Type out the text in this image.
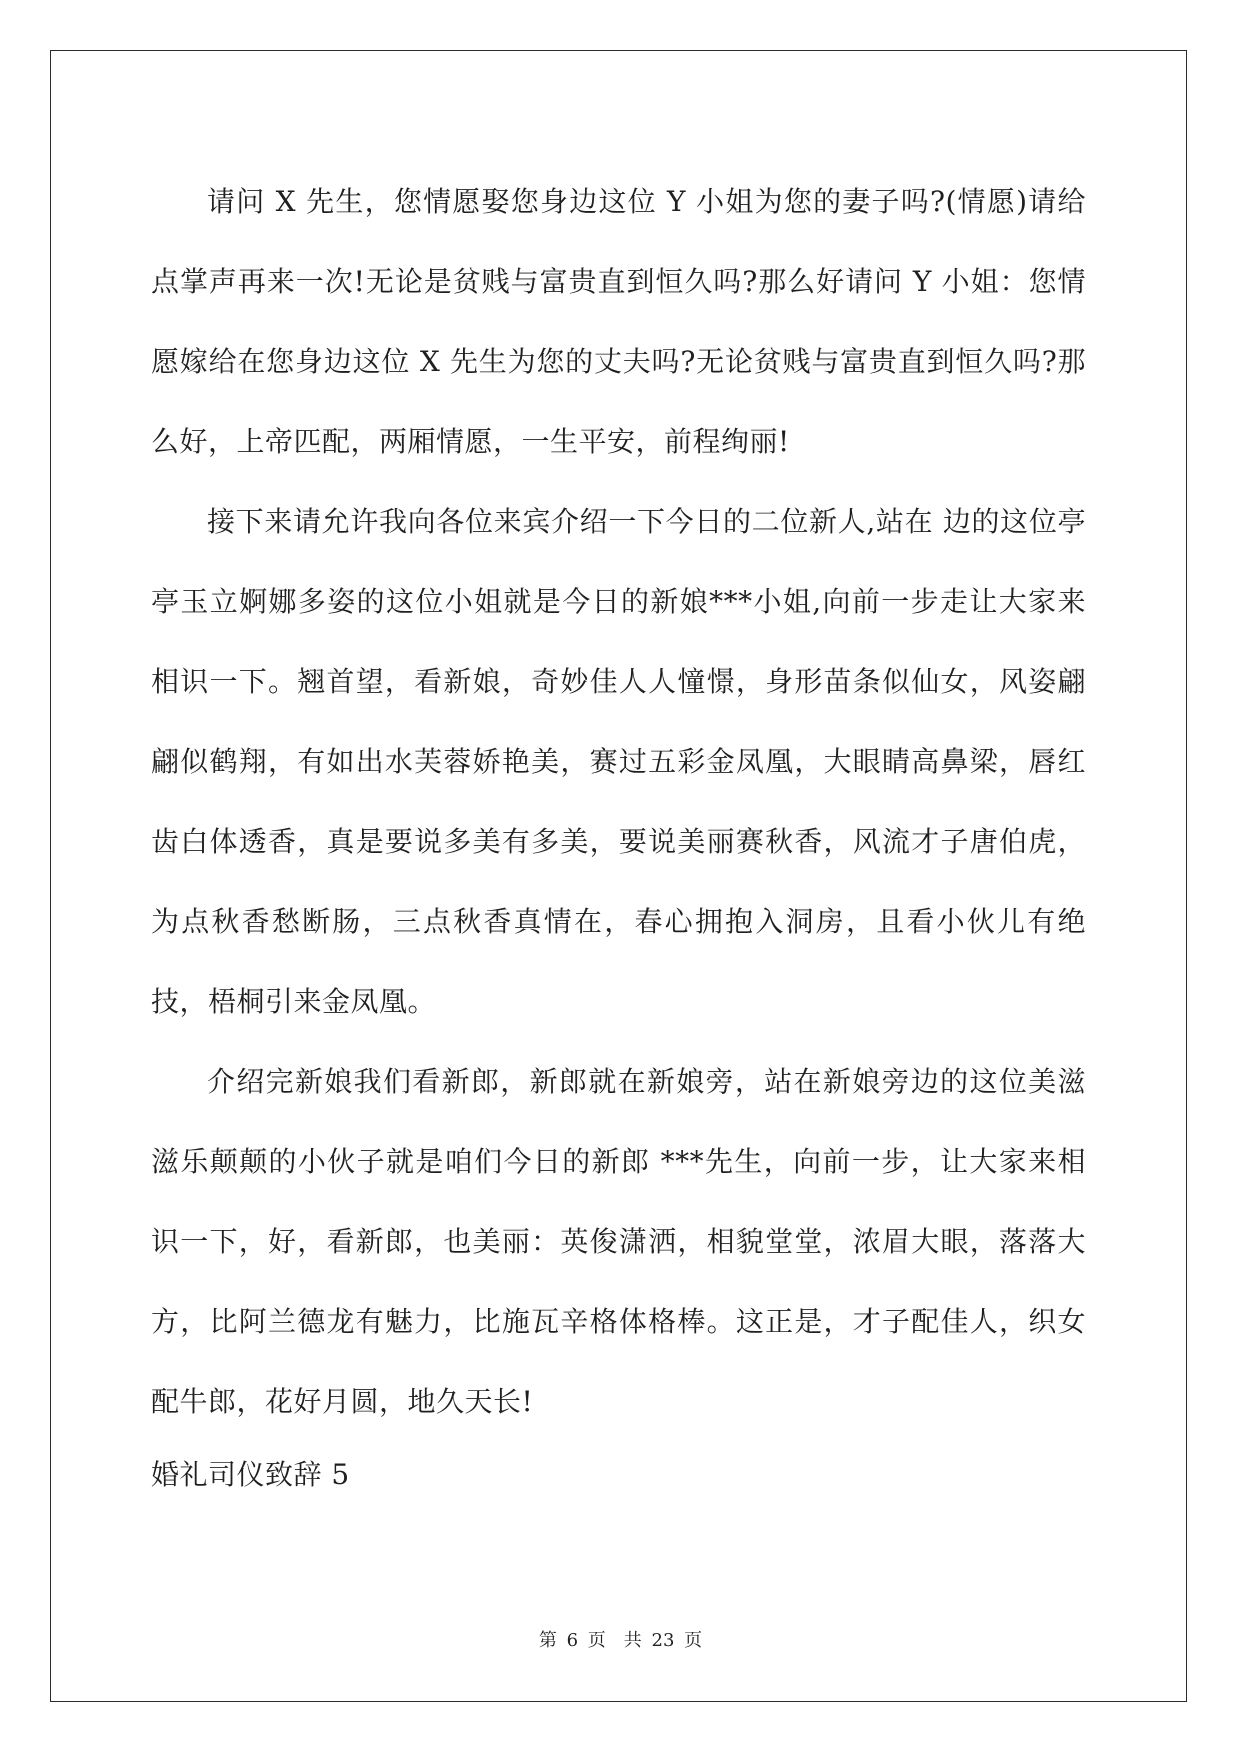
请问 X 先生，您情愿娶您身边这位 Y 小姐为您的妻子吗?(情愿)请给点掌声再来一次!无论是贫贱与富贵直到恒久吗?那么好请问 Y 小姐：您情愿嫁给在您身边这位 X 先生为您的丈夫吗?无论贫贱与富贵直到恒久吗?那么好，上帝匹配，两厢情愿，一生平安，前程绚丽!

接下来请允许我向各位来宾介绍一下今日的二位新人,站在 边的这位亭亭玉立婀娜多姿的这位小姐就是今日的新娘***小姐,向前一步走让大家来相识一下。翘首望，看新娘，奇妙佳人人憧憬，身形苗条似仙女，风姿翩翩似鹤翔，有如出水芙蓉娇艳美，赛过五彩金凤凰，大眼睛高鼻梁，唇红齿白体透香，真是要说多美有多美，要说美丽赛秋香，风流才子唐伯虎，为点秋香愁断肠，三点秋香真情在，春心拥抱入洞房，且看小伙儿有绝技，梧桐引来金凤凰。

介绍完新娘我们看新郎，新郎就在新娘旁，站在新娘旁边的这位美滋滋乐颠颠的小伙子就是咱们今日的新郎 ***先生，向前一步，让大家来相识一下，好，看新郎，也美丽：英俊潇洒，相貌堂堂，浓眉大眼，落落大方，比阿兰德龙有魅力，比施瓦辛格体格棒。这正是，才子配佳人，织女配牛郎，花好月圆，地久天长!

婚礼司仪致辞 5
第 6 页　共 23 页
